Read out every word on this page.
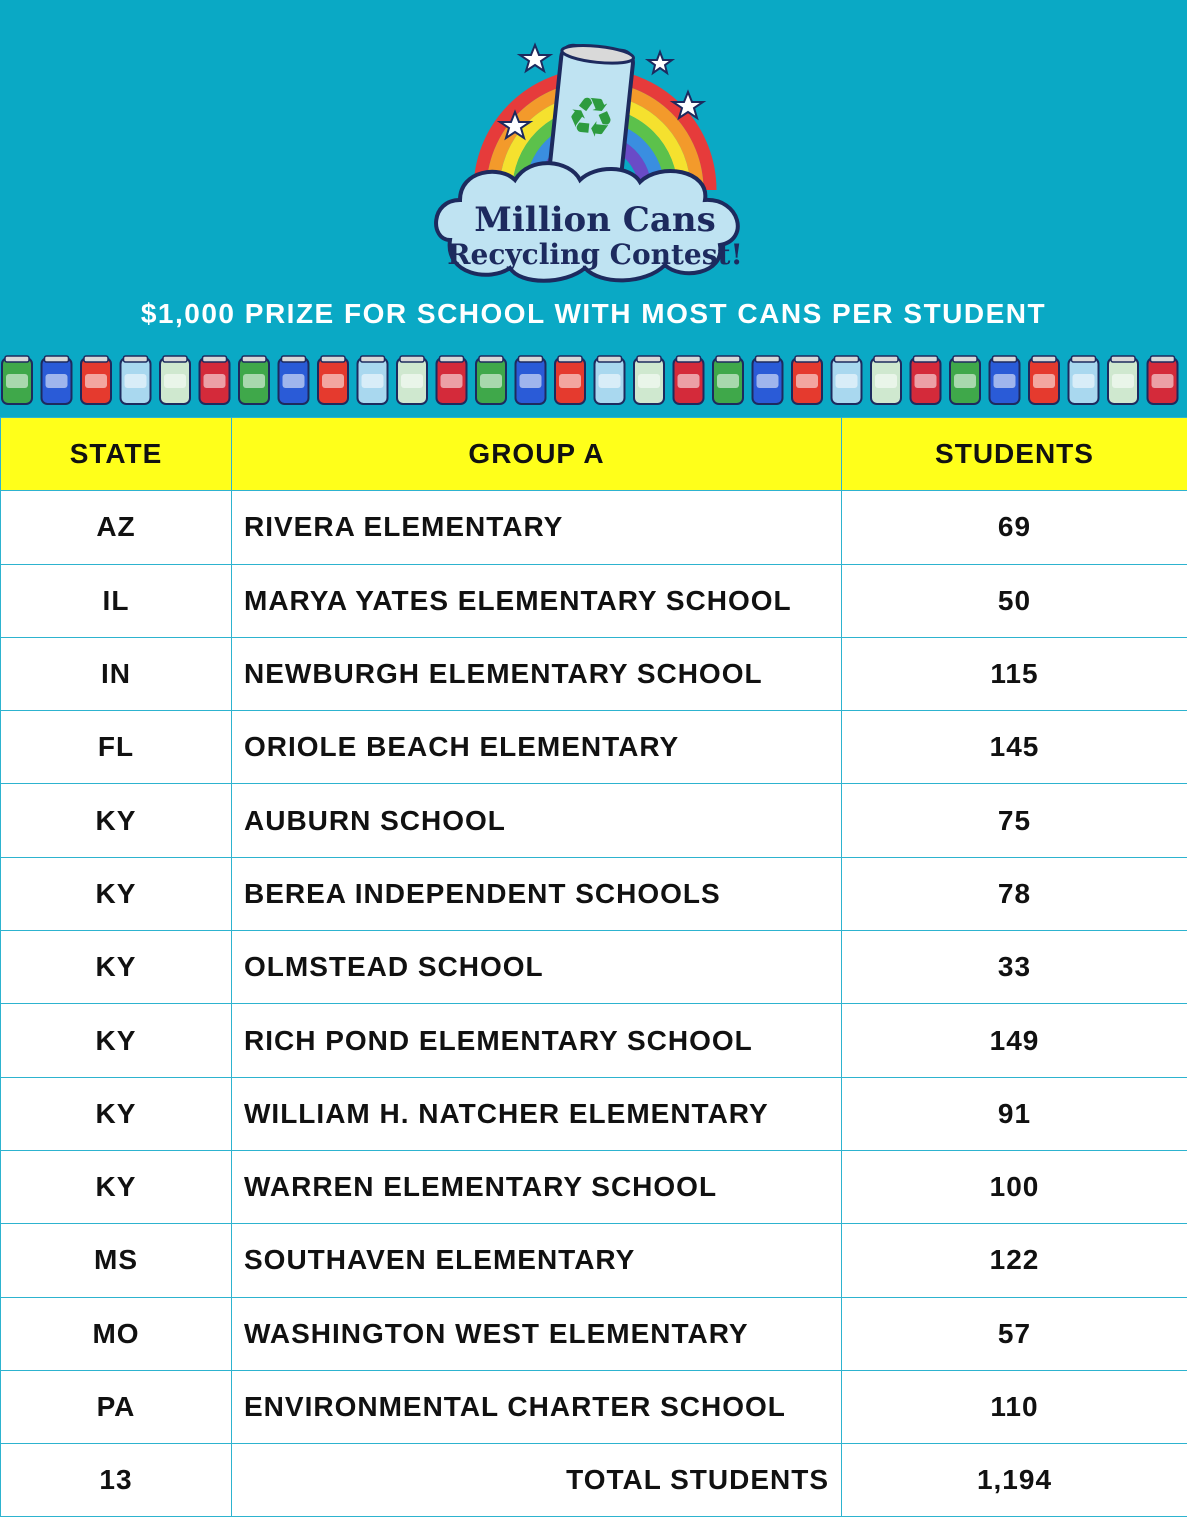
♻
Million Cans
Recycling Contest!
$1,000 PRIZE FOR SCHOOL WITH MOST CANS PER STUDENT
STATE	GROUP A	STUDENTS
AZ	RIVERA ELEMENTARY	69
IL	MARYA YATES ELEMENTARY SCHOOL	50
IN	NEWBURGH ELEMENTARY SCHOOL	115
FL	ORIOLE BEACH ELEMENTARY	145
KY	AUBURN SCHOOL	75
KY	BEREA INDEPENDENT SCHOOLS	78
KY	OLMSTEAD SCHOOL	33
KY	RICH POND ELEMENTARY SCHOOL	149
KY	WILLIAM H. NATCHER ELEMENTARY	91
KY	WARREN ELEMENTARY SCHOOL	100
MS	SOUTHAVEN ELEMENTARY	122
MO	WASHINGTON WEST ELEMENTARY	57
PA	ENVIRONMENTAL CHARTER SCHOOL	110
13	TOTAL STUDENTS	1,194
